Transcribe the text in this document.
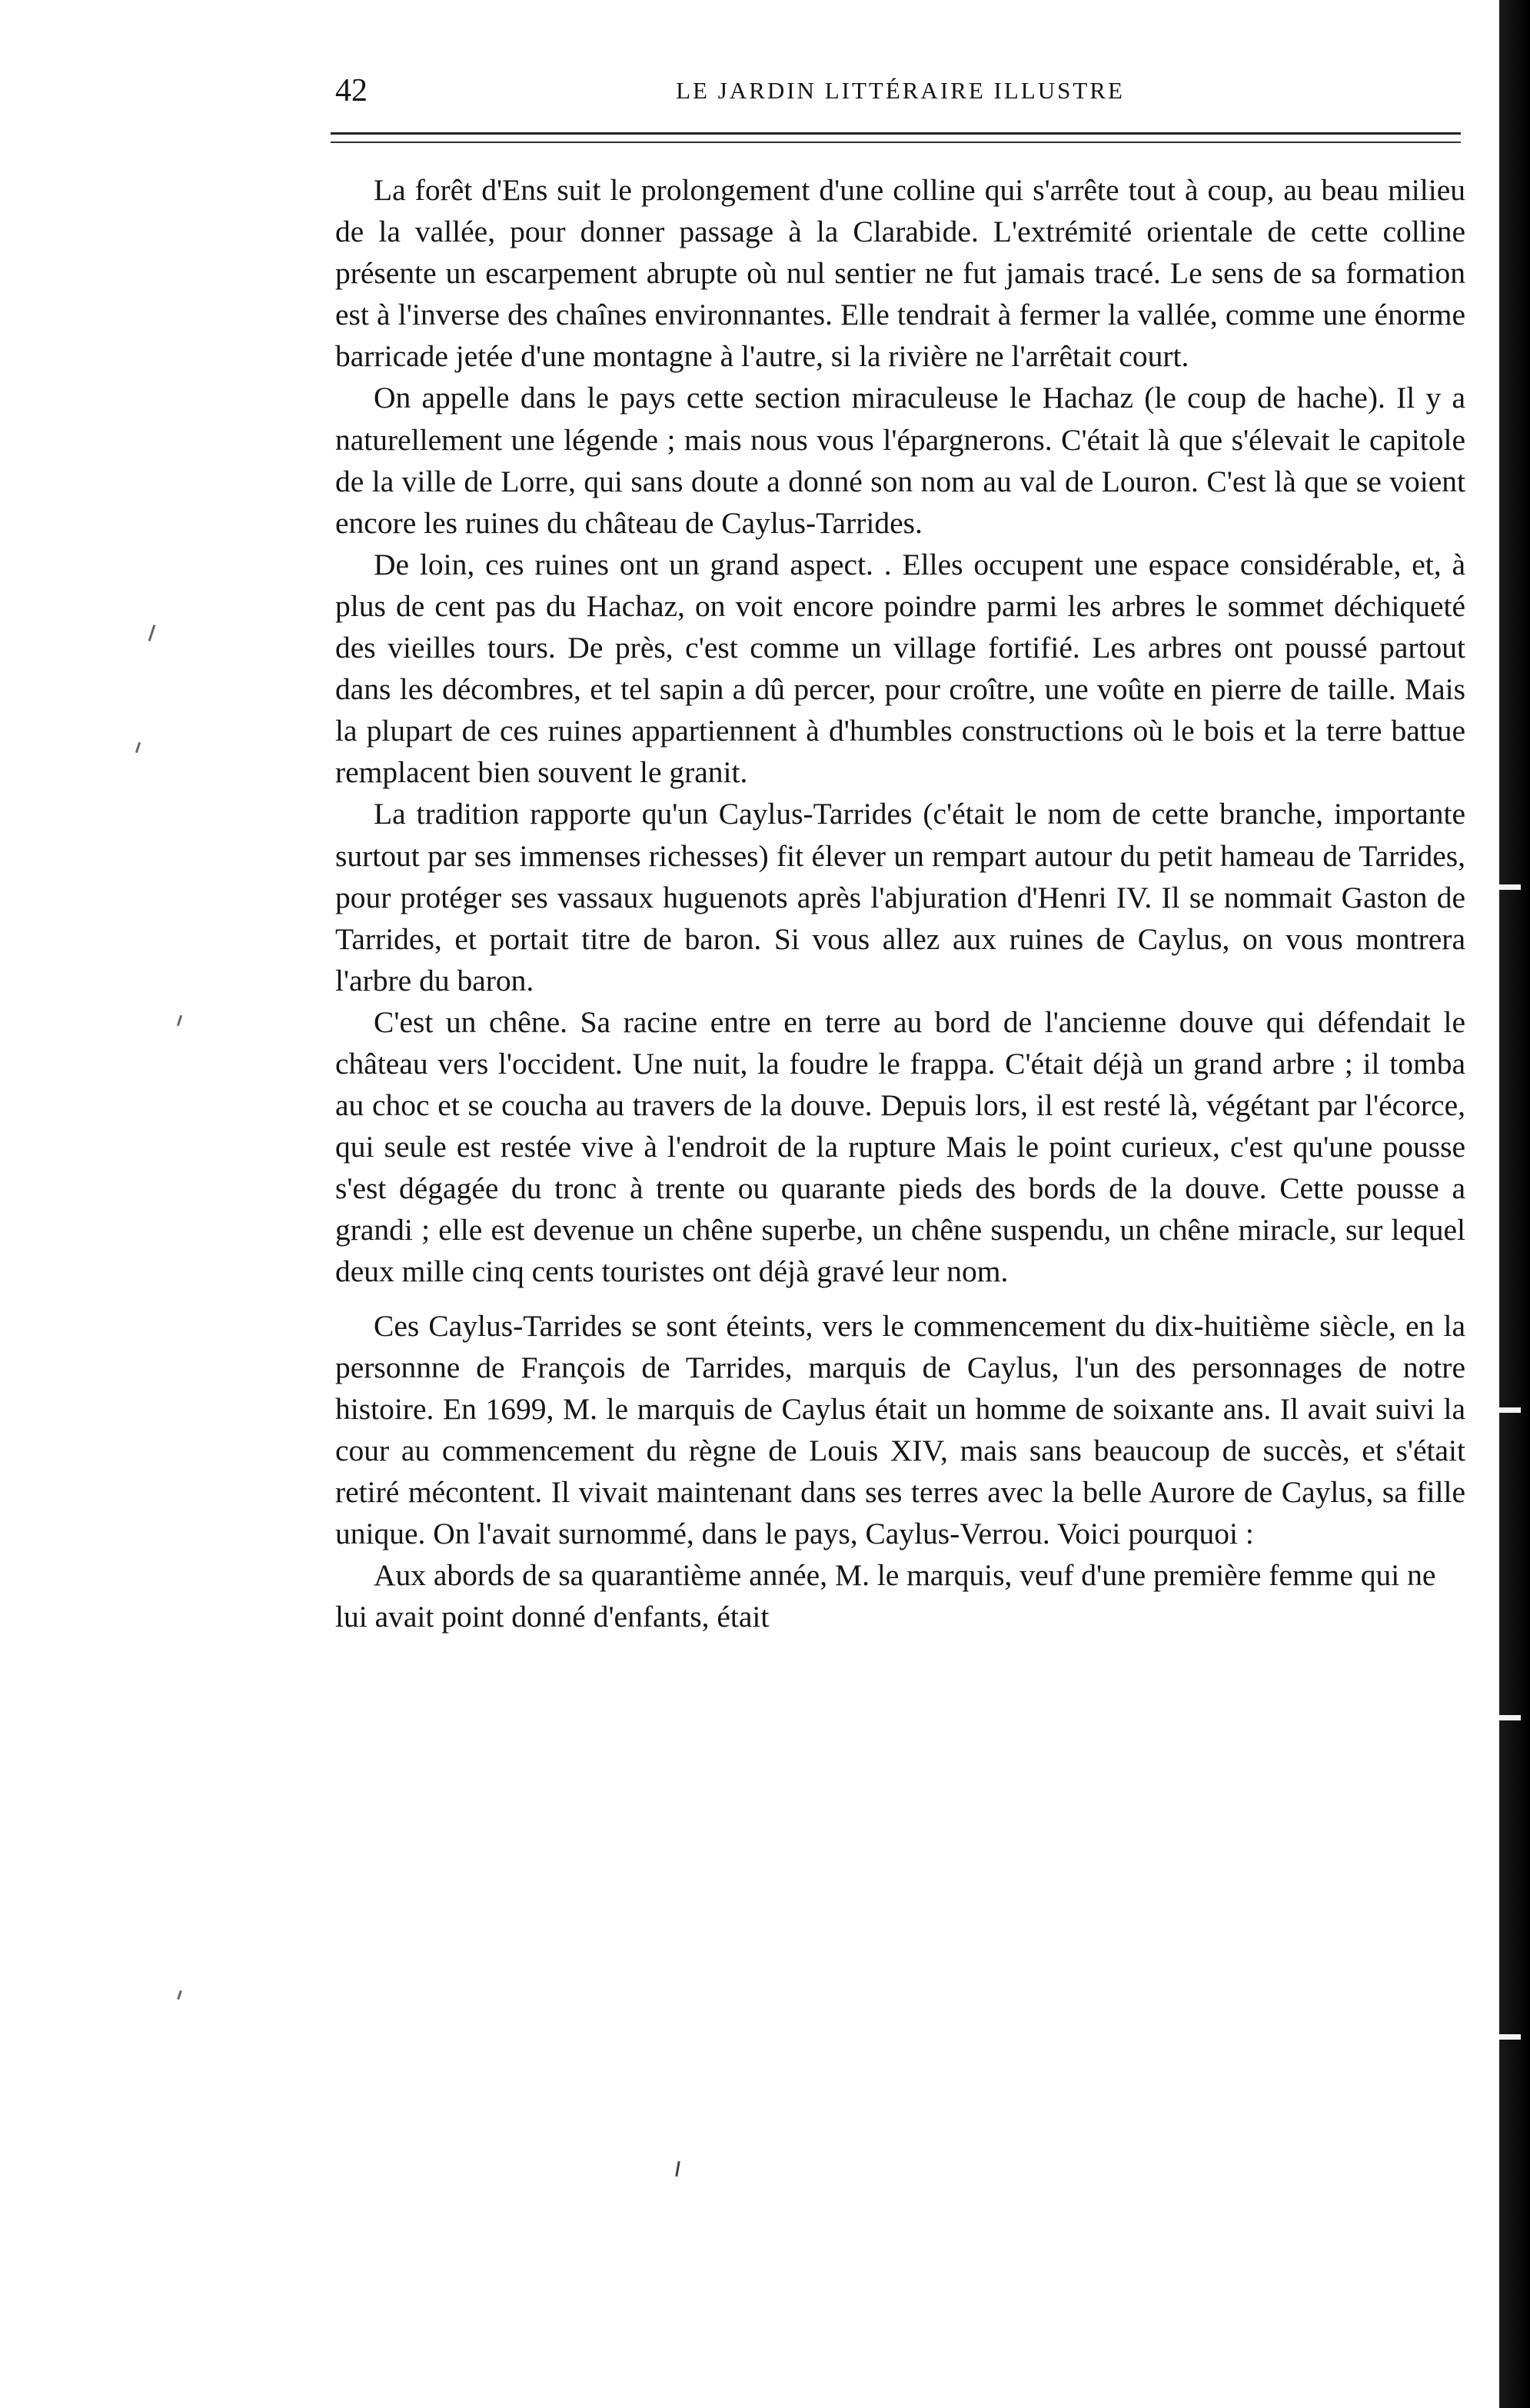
42	LE JARDIN LITTÉRAIRE ILLUSTRE

La forêt d'Ens suit le prolongement d'une colline qui s'arrête tout à coup, au beau milieu de la vallée, pour donner passage à la Clarabide. L'extrémité orientale de cette colline présente un escarpement abrupte où nul sentier ne fut jamais tracé. Le sens de sa formation est à l'inverse des chaînes environnantes. Elle tendrait à fermer la vallée, comme une énorme barricade jetée d'une montagne à l'autre, si la rivière ne l'arrêtait court.

On appelle dans le pays cette section miraculeuse le Hachaz (le coup de hache). Il y a naturellement une légende ; mais nous vous l'épargnerons. C'était là que s'élevait le capitole de la ville de Lorre, qui sans doute a donné son nom au val de Louron. C'est là que se voient encore les ruines du château de Caylus-Tarrides.

De loin, ces ruines ont un grand aspect. . Elles occupent une espace considérable, et, à plus de cent pas du Hachaz, on voit encore poindre parmi les arbres le sommet déchiqueté des vieilles tours. De près, c'est comme un village fortifié. Les arbres ont poussé partout dans les décombres, et tel sapin a dû percer, pour croître, une voûte en pierre de taille. Mais la plupart de ces ruines appartiennent à d'humbles constructions où le bois et la terre battue remplacent bien souvent le granit.

La tradition rapporte qu'un Caylus-Tarrides (c'était le nom de cette branche, importante surtout par ses immenses richesses) fit élever un rempart autour du petit hameau de Tarrides, pour protéger ses vassaux huguenots après l'abjuration d'Henri IV. Il se nommait Gaston de Tarrides, et portait titre de baron. Si vous allez aux ruines de Caylus, on vous montrera l'arbre du baron.

C'est un chêne. Sa racine entre en terre au bord de l'ancienne douve qui défendait le château vers l'occident. Une nuit, la foudre le frappa. C'était déjà un grand arbre ; il tomba au choc et se coucha au travers de la douve. Depuis lors, il est resté là, végétant par l'écorce, qui seule est restée vive à l'endroit de la rupture Mais le point curieux, c'est qu'une pousse s'est dégagée du tronc à trente ou quarante pieds des bords de la douve. Cette pousse a grandi ; elle est devenue un chêne superbe, un chêne suspendu, un chêne miracle, sur lequel deux mille cinq cents touristes ont déjà gravé leur nom.

Ces Caylus-Tarrides se sont éteints, vers le commencement du dix-huitième siècle, en la personnne de François de Tarrides, marquis de Caylus, l'un des personnages de notre histoire. En 1699, M. le marquis de Caylus était un homme de soixante ans. Il avait suivi la cour au commencement du règne de Louis XIV, mais sans beaucoup de succès, et s'était retiré mécontent. Il vivait maintenant dans ses terres avec la belle Aurore de Caylus, sa fille unique. On l'avait surnommé, dans le pays, Caylus-Verrou. Voici pourquoi :

Aux abords de sa quarantième année, M. le marquis, veuf d'une première femme qui ne lui avait point donné d'enfants, était
